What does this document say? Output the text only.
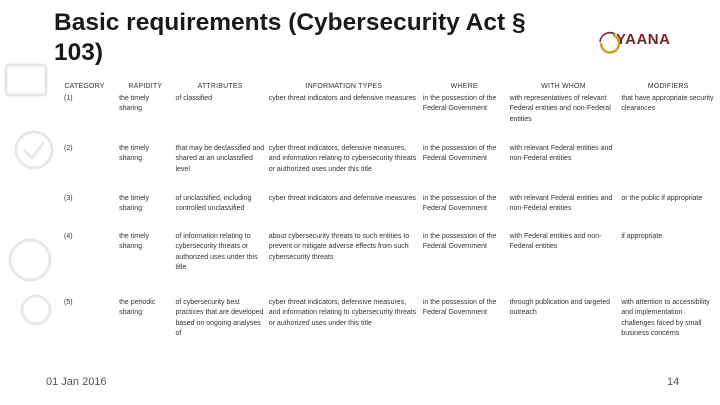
Basic requirements (Cybersecurity Act § 103)	YAANA
CATEGORY	RAPIDITY	ATTRIBUTES	INFORMATION TYPES	WHERE	WITH WHOM	MODIFIERS
(1)	the timely sharing	of classified	cyber threat indicators and defensive measures	in the possession of the Federal Government	with representatives of relevant Federal entities and non-Federal entities	that have appropriate security clearances
(2)	the timely sharing	that may be declassified and shared at an unclassified level	cyber threat indicators, defensive measures, and information relating to cybersecurity threats or authorized uses under this title	in the possession of the Federal Government	with relevant Federal entities and non-Federal entities	
(3)	the timely sharing	of unclassified, including controlled unclassified	cyber threat indicators and defensive measures	in the possession of the Federal Government	with relevant Federal entities and non-Federal entities	or the public if appropriate
(4)	the timely sharing	of information relating to cybersecurity threats or authorized uses under this title	about cybersecurity threats to such entities to prevent or mitigate adverse effects from such cybersecurity threats	in the possession of the Federal Government	with Federal entities and non-Federal entities	if appropriate
(5)	the periodic sharing	of cybersecurity best practices that are developed based on ongoing analyses of	cyber threat indicators, defensive measures, and information relating to cybersecurity threats or authorized uses under this title	in the possession of the Federal Government	through publication and targeted outreach	with attention to accessibility and implementation challenges faced by small business concerns
01 Jan 2016	14
